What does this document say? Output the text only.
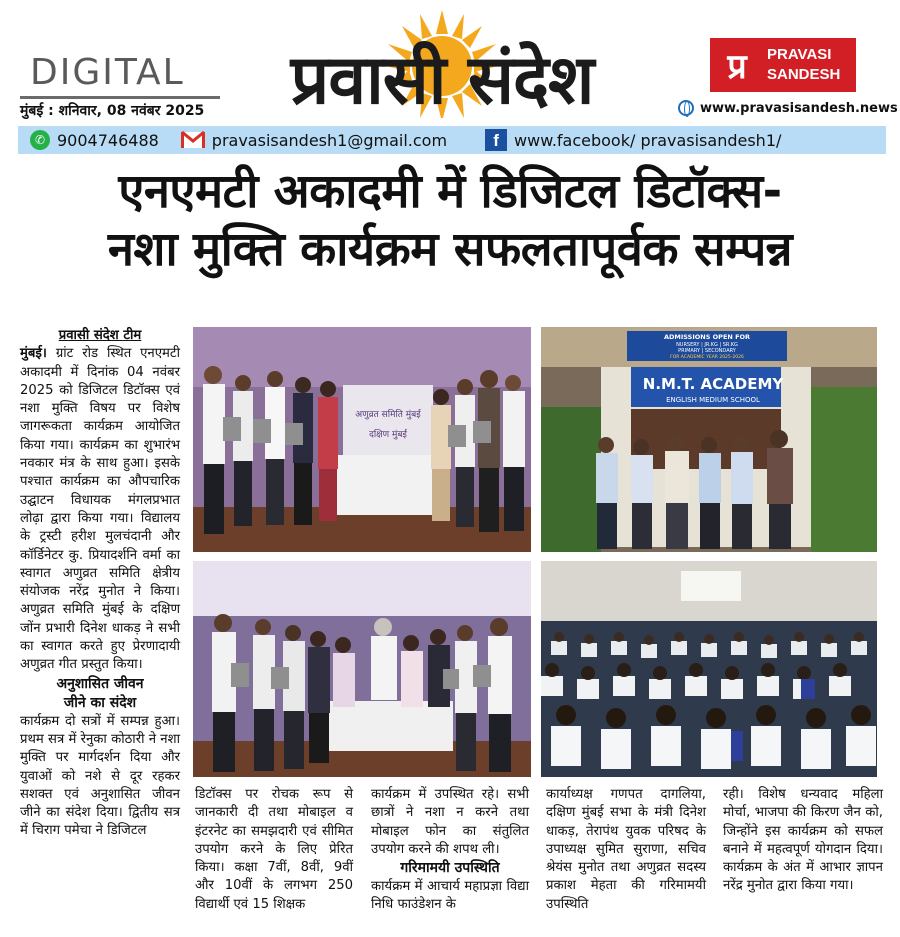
DIGITAL
मुंबई : शनिवार, 08 नवंबर 2025	प्रवासी संदेश	प्र	PRAVASI
SANDESH
www.pravasisandesh.news
✆ 9004746488	pravasisandesh1@gmail.com	f www.facebook/ pravasisandesh1/
एनएमटी अकादमी में डिजिटल डिटॉक्स-
नशा मुक्ति कार्यक्रम सफलतापूर्वक सम्पन्न
प्रवासी संदेश टीम
मुंबई। ग्रांट रोड स्थित एनएमटी अकादमी में दिनांक 04 नवंबर 2025 को डिजिटल डिटॉक्स एवं नशा मुक्ति विषय पर विशेष जागरूकता कार्यक्रम आयोजित किया गया। कार्यक्रम का शुभारंभ नवकार मंत्र के साथ हुआ। इसके पश्चात कार्यक्रम का औपचारिक उद्घाटन विधायक मंगलप्रभात लोढ़ा द्वारा किया गया। विद्यालय के ट्रस्टी हरीश मुलचंदानी और कॉर्डिनेटर कु. प्रियादर्शनि वर्मा का स्वागत अणुव्रत समिति क्षेत्रीय संयोजक नरेंद्र मुनोत ने किया। अणुव्रत समिति मुंबई के दक्षिण जोंन प्रभारी दिनेश धाकड़ ने सभी का स्वागत करते हुए प्रेरणादायी अणुव्रत गीत प्रस्तुत किया।
अनुशासित जीवन
जीने का संदेश
कार्यक्रम दो सत्रों में सम्पन्न हुआ। प्रथम सत्र में रेनुका कोठारी ने नशा मुक्ति पर मार्गदर्शन दिया और युवाओं को नशे से दूर रहकर सशक्त एवं अनुशासित जीवन जीने का संदेश दिया। द्वितीय सत्र में चिराग पमेचा ने डिजिटल
अणुव्रत समिति मुंबई
दक्षिण मुंबई
ADMISSIONS OPEN FOR
NURSERY | JR.KG | SR.KG
PRIMARY | SECONDARY
FOR ACADEMIC YEAR 2025-2026
N.M.T. ACADEMY
ENGLISH MEDIUM SCHOOL
डिटॉक्स पर रोचक रूप से जानकारी दी तथा मोबाइल व इंटरनेट का समझदारी एवं सीमित उपयोग करने के लिए प्रेरित किया। कक्षा 7वीं, 8वीं, 9वीं और 10वीं के लगभग 250 विद्यार्थी एवं 15 शिक्षक
कार्यक्रम में उपस्थित रहे। सभी छात्रों ने नशा न करने तथा मोबाइल फोन का संतुलित उपयोग करने की शपथ ली।
गरिमामयी उपस्थिति
कार्यक्रम में आचार्य महाप्रज्ञा विद्या निधि फाउंडेशन के
कार्याध्यक्ष गणपत दागलिया, दक्षिण मुंबई सभा के मंत्री दिनेश धाकड़, तेरापंथ युवक परिषद के उपाध्यक्ष सुमित सुराणा, सचिव श्रेयंस मुनोत तथा अणुव्रत सदस्य प्रकाश मेहता की गरिमामयी उपस्थिति
रही। विशेष धन्यवाद महिला मोर्चा, भाजपा की किरण जैन को, जिन्होंने इस कार्यक्रम को सफल बनाने में महत्वपूर्ण योगदान दिया। कार्यक्रम के अंत में आभार ज्ञापन नरेंद्र मुनोत द्वारा किया गया।
